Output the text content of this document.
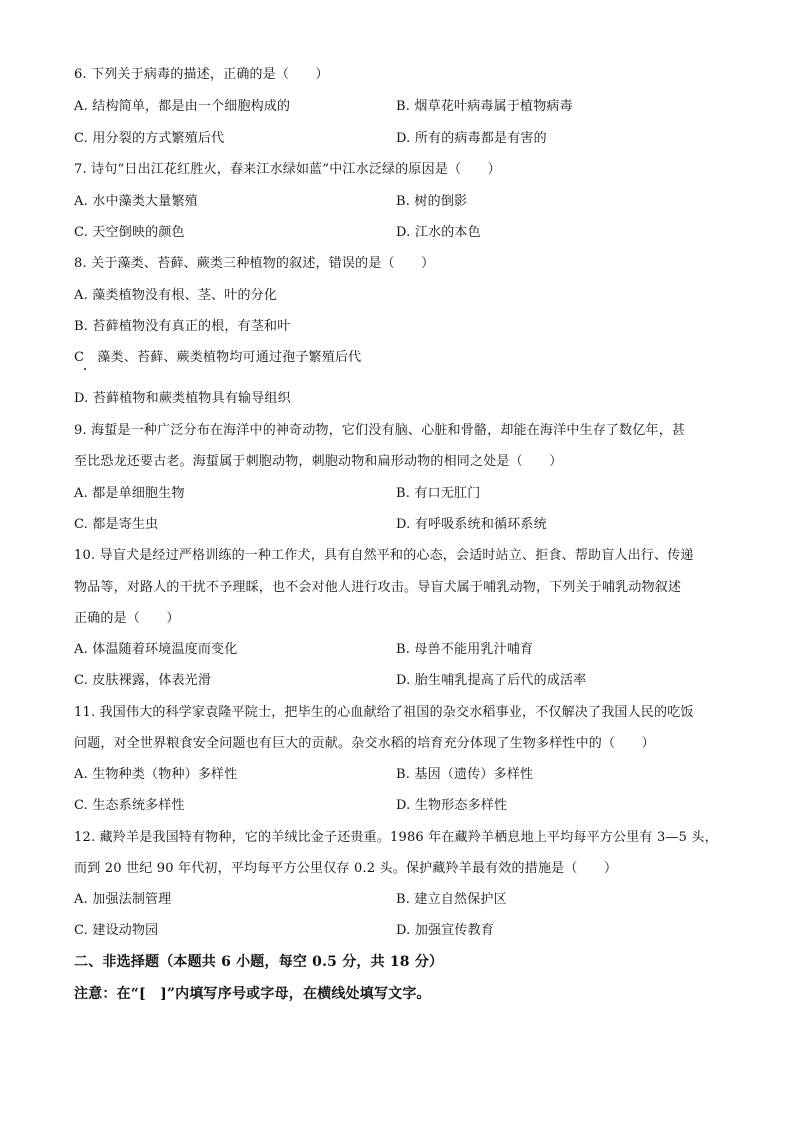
6. 下列关于病毒的描述，正确的是（　　）
A. 结构简单，都是由一个细胞构成的	B. 烟草花叶病毒属于植物病毒
C. 用分裂的方式繁殖后代	D. 所有的病毒都是有害的
7. 诗句“日出江花红胜火，春来江水绿如蓝”中江水泛绿的原因是（　　）
A. 水中藻类大量繁殖	B. 树的倒影
C. 天空倒映的颜色	D. 江水的本色
8. 关于藻类、苔藓、蕨类三种植物的叙述，错误的是（　　）
A. 藻类植物没有根、茎、叶的分化
B. 苔藓植物没有真正的根，有茎和叶
C　藻类、苔藓、蕨类植物均可通过孢子繁殖后代
D. 苔藓植物和蕨类植物具有输导组织
9. 海蜇是一种广泛分布在海洋中的神奇动物，它们没有脑、心脏和骨骼，却能在海洋中生存了数亿年，甚
至比恐龙还要古老。海蜇属于刺胞动物，刺胞动物和扁形动物的相同之处是（　　）
A. 都是单细胞生物	B. 有口无肛门
C. 都是寄生虫	D. 有呼吸系统和循环系统
10. 导盲犬是经过严格训练的一种工作犬，具有自然平和的心态，会适时站立、拒食、帮助盲人出行、传递
物品等，对路人的干扰不予理睬，也不会对他人进行攻击。导盲犬属于哺乳动物，下列关于哺乳动物叙述
正确的是（　　）
A. 体温随着环境温度而变化	B. 母兽不能用乳汁哺育
C. 皮肤裸露，体表光滑	D. 胎生哺乳提高了后代的成活率
11. 我国伟大的科学家袁隆平院士，把毕生的心血献给了祖国的杂交水稻事业，不仅解决了我国人民的吃饭
问题，对全世界粮食安全问题也有巨大的贡献。杂交水稻的培育充分体现了生物多样性中的（　　）
A. 生物种类（物种）多样性	B. 基因（遗传）多样性
C. 生态系统多样性	D. 生物形态多样性
12. 藏羚羊是我国特有物种，它的羊绒比金子还贵重。1986 年在藏羚羊栖息地上平均每平方公里有 3—5 头，
而到 20 世纪 90 年代初，平均每平方公里仅存 0.2 头。保护藏羚羊最有效的措施是（　　）
A. 加强法制管理	B. 建立自然保护区
C. 建设动物园	D. 加强宣传教育
二、非选择题（本题共 6 小题，每空 0.5 分，共 18 分）
注意：在“[　]”内填写序号或字母，在横线处填写文字。
